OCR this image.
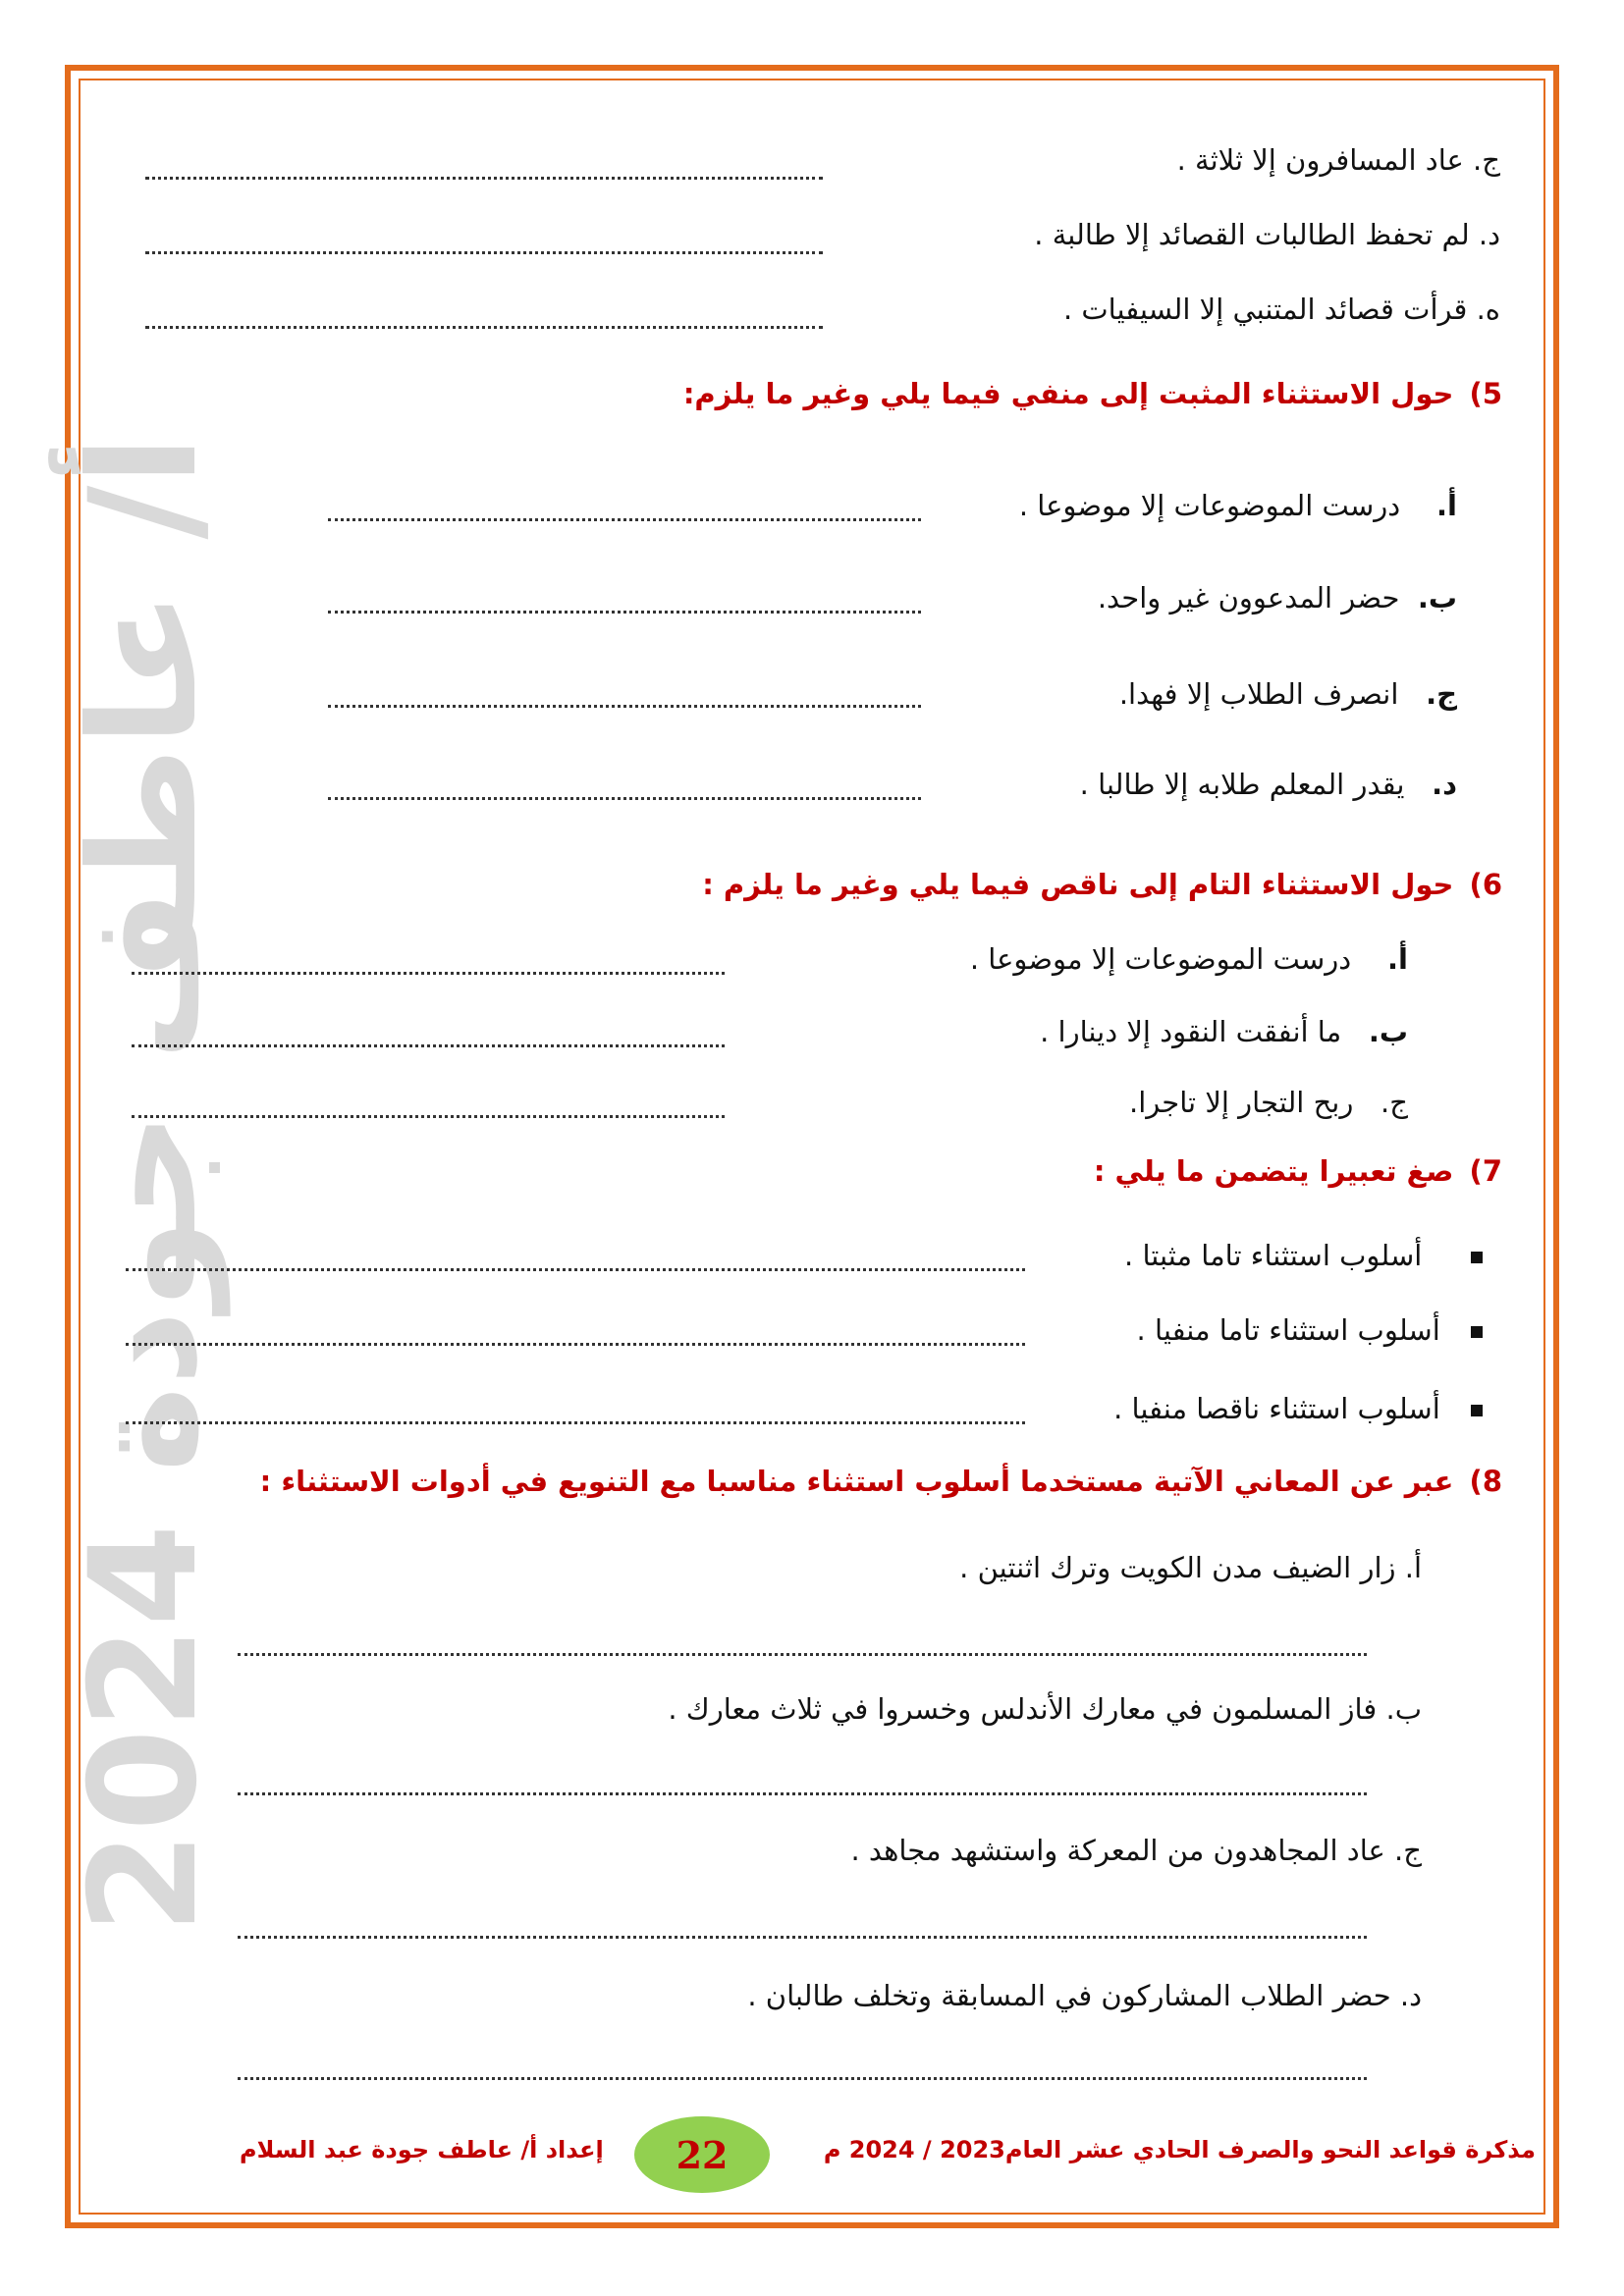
أ/ عاطف جودة 2024
ج. عاد المسافرون إلا ثلاثة .
د. لم تحفظ الطالبات القصائد إلا طالبة .
ه. قرأت قصائد المتنبي إلا السيفيات .
5) حول الاستثناء المثبت إلى منفي فيما يلي وغير ما يلزم:
أ.    درست الموضوعات إلا موضوعا .
ب.  حضر المدعوون غير واحد.
ج.   انصرف الطلاب إلا فهدا.
د.   يقدر المعلم طلابه إلا طالبا .
6) حول الاستثناء التام إلى ناقص فيما يلي وغير ما يلزم :
أ.    درست الموضوعات إلا موضوعا .
ب.   ما أنفقت النقود إلا دينارا .
ج.   ربح التجار إلا تاجرا.
7) صغ تعبيرا يتضمن ما يلي :
أسلوب استثناء تاما مثبتا .
أسلوب استثناء تاما منفيا .
أسلوب استثناء ناقصا منفيا .
8) عبر عن المعاني الآتية مستخدما أسلوب استثناء مناسبا مع التنويع في أدوات الاستثناء :
أ. زار الضيف مدن الكويت وترك اثنتين .
ب. فاز المسلمون في معارك الأندلس وخسروا في ثلاث معارك .
ج. عاد المجاهدون من المعركة واستشهد مجاهد .
د. حضر الطلاب المشاركون في المسابقة وتخلف طالبان .
مذكرة قواعد النحو والصرف الحادي عشر العام2023 / 2024 م
22
إعداد أ/ عاطف جودة عبد السلام
